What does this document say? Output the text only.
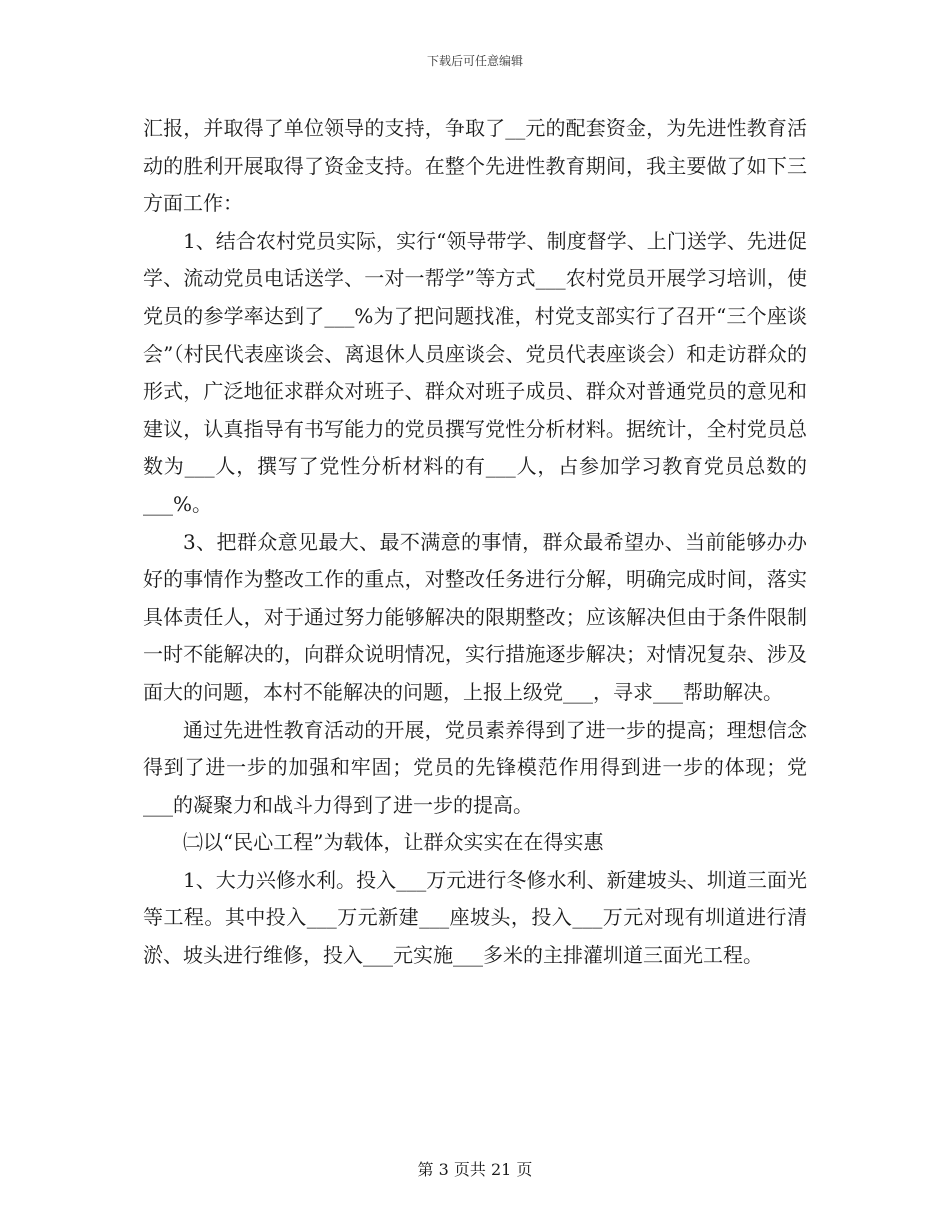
下载后可任意编辑

汇报，并取得了单位领导的支持，争取了__元的配套资金，为先进性教育活动的胜利开展取得了资金支持。在整个先进性教育期间，我主要做了如下三方面工作：

1、结合农村党员实际，实行“领导带学、制度督学、上门送学、先进促学、流动党员电话送学、一对一帮学”等方式___农村党员开展学习培训，使党员的参学率达到了___%为了把问题找准，村党支部实行了召开“三个座谈会”（村民代表座谈会、离退休人员座谈会、党员代表座谈会）和走访群众的形式，广泛地征求群众对班子、群众对班子成员、群众对普通党员的意见和建议，认真指导有书写能力的党员撰写党性分析材料。据统计，全村党员总数为___人，撰写了党性分析材料的有___人，占参加学习教育党员总数的___%。

3、把群众意见最大、最不满意的事情，群众最希望办、当前能够办办好的事情作为整改工作的重点，对整改任务进行分解，明确完成时间，落实具体责任人，对于通过努力能够解决的限期整改；应该解决但由于条件限制一时不能解决的，向群众说明情况，实行措施逐步解决；对情况复杂、涉及面大的问题，本村不能解决的问题，上报上级党___，寻求___帮助解决。

通过先进性教育活动的开展，党员素养得到了进一步的提高；理想信念得到了进一步的加强和牢固；党员的先锋模范作用得到进一步的体现；党___的凝聚力和战斗力得到了进一步的提高。

㈡以“民心工程”为载体，让群众实实在在得实惠

1、大力兴修水利。投入___万元进行冬修水利、新建坡头、圳道三面光等工程。其中投入___万元新建___座坡头，投入___万元对现有圳道进行清淤、坡头进行维修，投入___元实施___多米的主排灌圳道三面光工程。

第 3 页共 21 页
